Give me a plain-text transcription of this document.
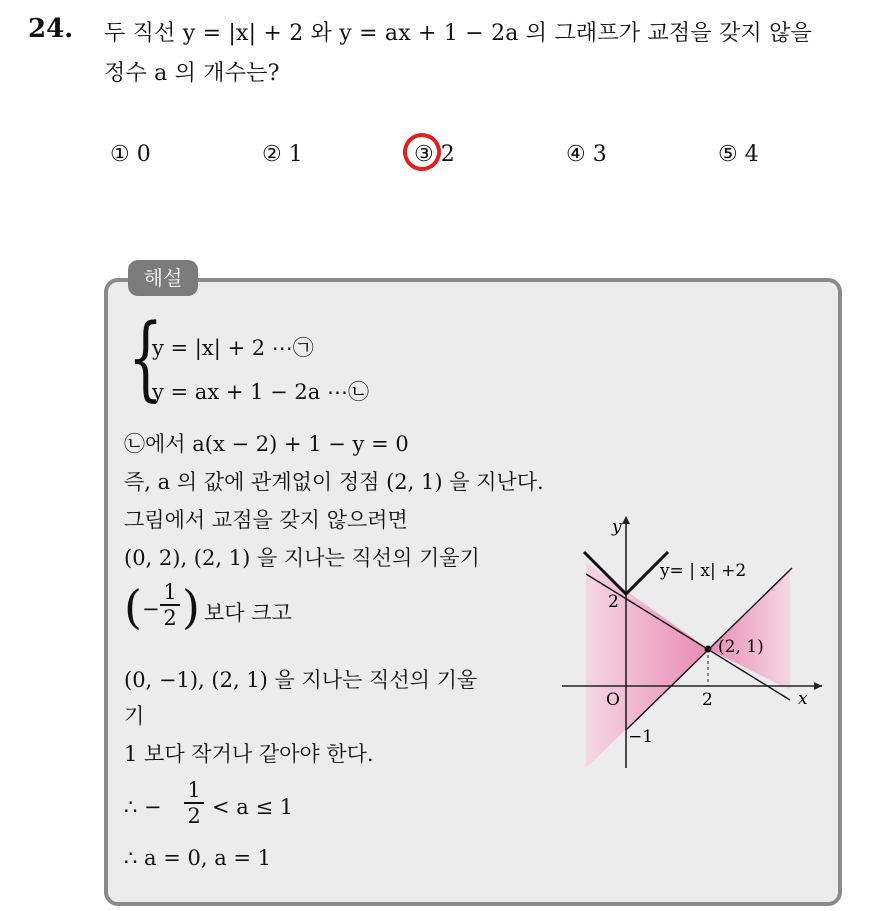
24. 두 직선 y = |x| + 2 와 y = ax + 1 − 2a 의 그래프가 교점을 갖지 않을
정수 a 의 개수는?
① 0	② 1	③ 2	④ 3	⑤ 4
해설
{
y = |x| + 2 ⋯㉠
y = ax + 1 − 2a ⋯㉡
㉡에서 a(x − 2) + 1 − y = 0
즉, a 의 값에 관계없이 정점 (2, 1) 을 지난다.
그림에서 교점을 갖지 않으려면
(0, 2), (2, 1) 을 지나는 직선의 기울기
( − $\frac{1}{2}$ ) 보다 크고
(0, −1), (2, 1) 을 지나는 직선의 기울
기
1 보다 작거나 같아야 한다.
∴ − $\frac{1}{2} < a \le 1$
∴ a = 0, a = 1
y
x
y= | x| +2
2
O
−1
2
(2, 1)
